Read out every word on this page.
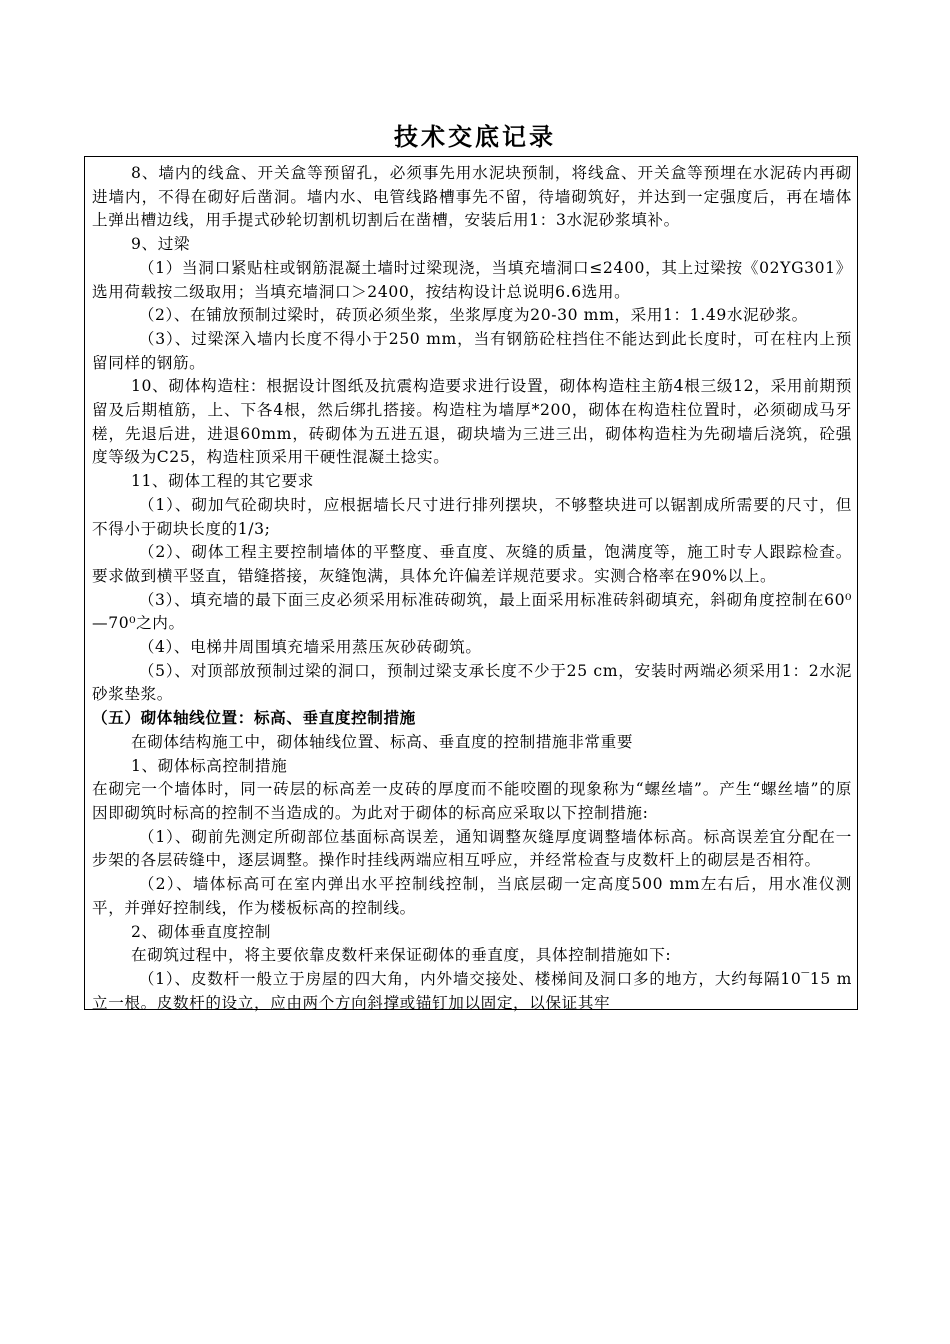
技术交底记录

8、墙内的线盒、开关盒等预留孔，必须事先用水泥块预制，将线盒、开关盒等预埋在水泥砖内再砌进墙内，不得在砌好后凿洞。墙内水、电管线路槽事先不留，待墙砌筑好，并达到一定强度后，再在墙体上弹出槽边线，用手提式砂轮切割机切割后在凿槽，安装后用1：3水泥砂浆填补。

9、过梁

（1）当洞口紧贴柱或钢筋混凝土墙时过梁现浇，当填充墙洞口≤2400，其上过梁按《02YG301》选用荷载按二级取用；当填充墙洞口＞2400，按结构设计总说明6.6选用。

（2）、在铺放预制过梁时，砖顶必须坐浆，坐浆厚度为20-30 mm，采用1：1.49水泥砂浆。

（3）、过梁深入墙内长度不得小于250 mm，当有钢筋砼柱挡住不能达到此长度时，可在柱内上预留同样的钢筋。

10、砌体构造柱：根据设计图纸及抗震构造要求进行设置，砌体构造柱主筋4根三级12，采用前期预留及后期植筋，上、下各4根，然后绑扎搭接。构造柱为墙厚*200，砌体在构造柱位置时，必须砌成马牙槎，先退后进，进退60mm，砖砌体为五进五退，砌块墙为三进三出，砌体构造柱为先砌墙后浇筑，砼强度等级为C25，构造柱顶采用干硬性混凝土捻实。

11、砌体工程的其它要求

（1）、砌加气砼砌块时，应根据墙长尺寸进行排列摆块，不够整块进可以锯割成所需要的尺寸，但不得小于砌块长度的1/3;

（2）、砌体工程主要控制墙体的平整度、垂直度、灰缝的质量，饱满度等，施工时专人跟踪检查。要求做到横平竖直，错缝搭接，灰缝饱满，具体允许偏差详规范要求。实测合格率在90%以上。

（3）、填充墙的最下面三皮必须采用标准砖砌筑，最上面采用标准砖斜砌填充，斜砌角度控制在60⁰—70⁰之内。

（4）、电梯井周围填充墙采用蒸压灰砂砖砌筑。

（5）、对顶部放预制过梁的洞口，预制过梁支承长度不少于25 cm，安装时两端必须采用1：2水泥砂浆垫浆。

（五）砌体轴线位置：标高、垂直度控制措施

在砌体结构施工中，砌体轴线位置、标高、垂直度的控制措施非常重要

1、砌体标高控制措施

在砌完一个墙体时，同一砖层的标高差一皮砖的厚度而不能咬圈的现象称为“螺丝墙”。产生“螺丝墙”的原因即砌筑时标高的控制不当造成的。为此对于砌体的标高应采取以下控制措施:

（1）、砌前先测定所砌部位基面标高误差，通知调整灰缝厚度调整墙体标高。标高误差宜分配在一步架的各层砖缝中，逐层调整。操作时挂线两端应相互呼应，并经常检查与皮数杆上的砌层是否相符。

（2）、墙体标高可在室内弹出水平控制线控制，当底层砌一定高度500 mm左右后，用水准仪测平，并弹好控制线，作为楼板标高的控制线。

2、砌体垂直度控制

在砌筑过程中，将主要依靠皮数杆来保证砌体的垂直度，具体控制措施如下:

（1）、皮数杆一般立于房屋的四大角，内外墙交接处、楼梯间及洞口多的地方，大约每隔10‾15 m立一根。皮数杆的设立，应由两个方向斜撑或锚钉加以固定，以保证其牢
